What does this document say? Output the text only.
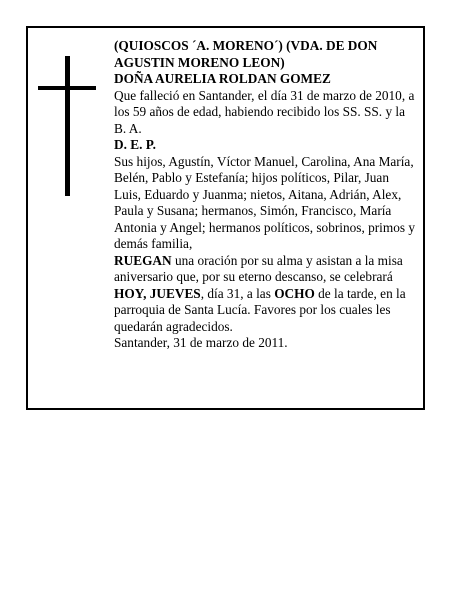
(QUIOSCOS ´A. MORENO´) (VDA. DE DON AGUSTIN MORENO LEON)

DOÑA AURELIA ROLDAN GOMEZ

Que falleció en Santander, el día 31 de marzo de 2010, a los 59 años de edad, habiendo recibido los SS. SS. y la B. A.

D. E. P.

Sus hijos, Agustín, Víctor Manuel, Carolina, Ana María, Belén, Pablo y Estefanía; hijos políticos, Pilar, Juan Luis, Eduardo y Juanma; nietos, Aitana, Adrián, Alex, Paula y Susana; hermanos, Simón, Francisco, María Antonia y Angel; hermanos políticos, sobrinos, primos y demás familia,

RUEGAN una oración por su alma y asistan a la misa aniversario que, por su eterno descanso, se celebrará HOY, JUEVES, día 31, a las OCHO de la tarde, en la parroquia de Santa Lucía. Favores por los cuales les quedarán agradecidos.

Santander, 31 de marzo de 2011.
